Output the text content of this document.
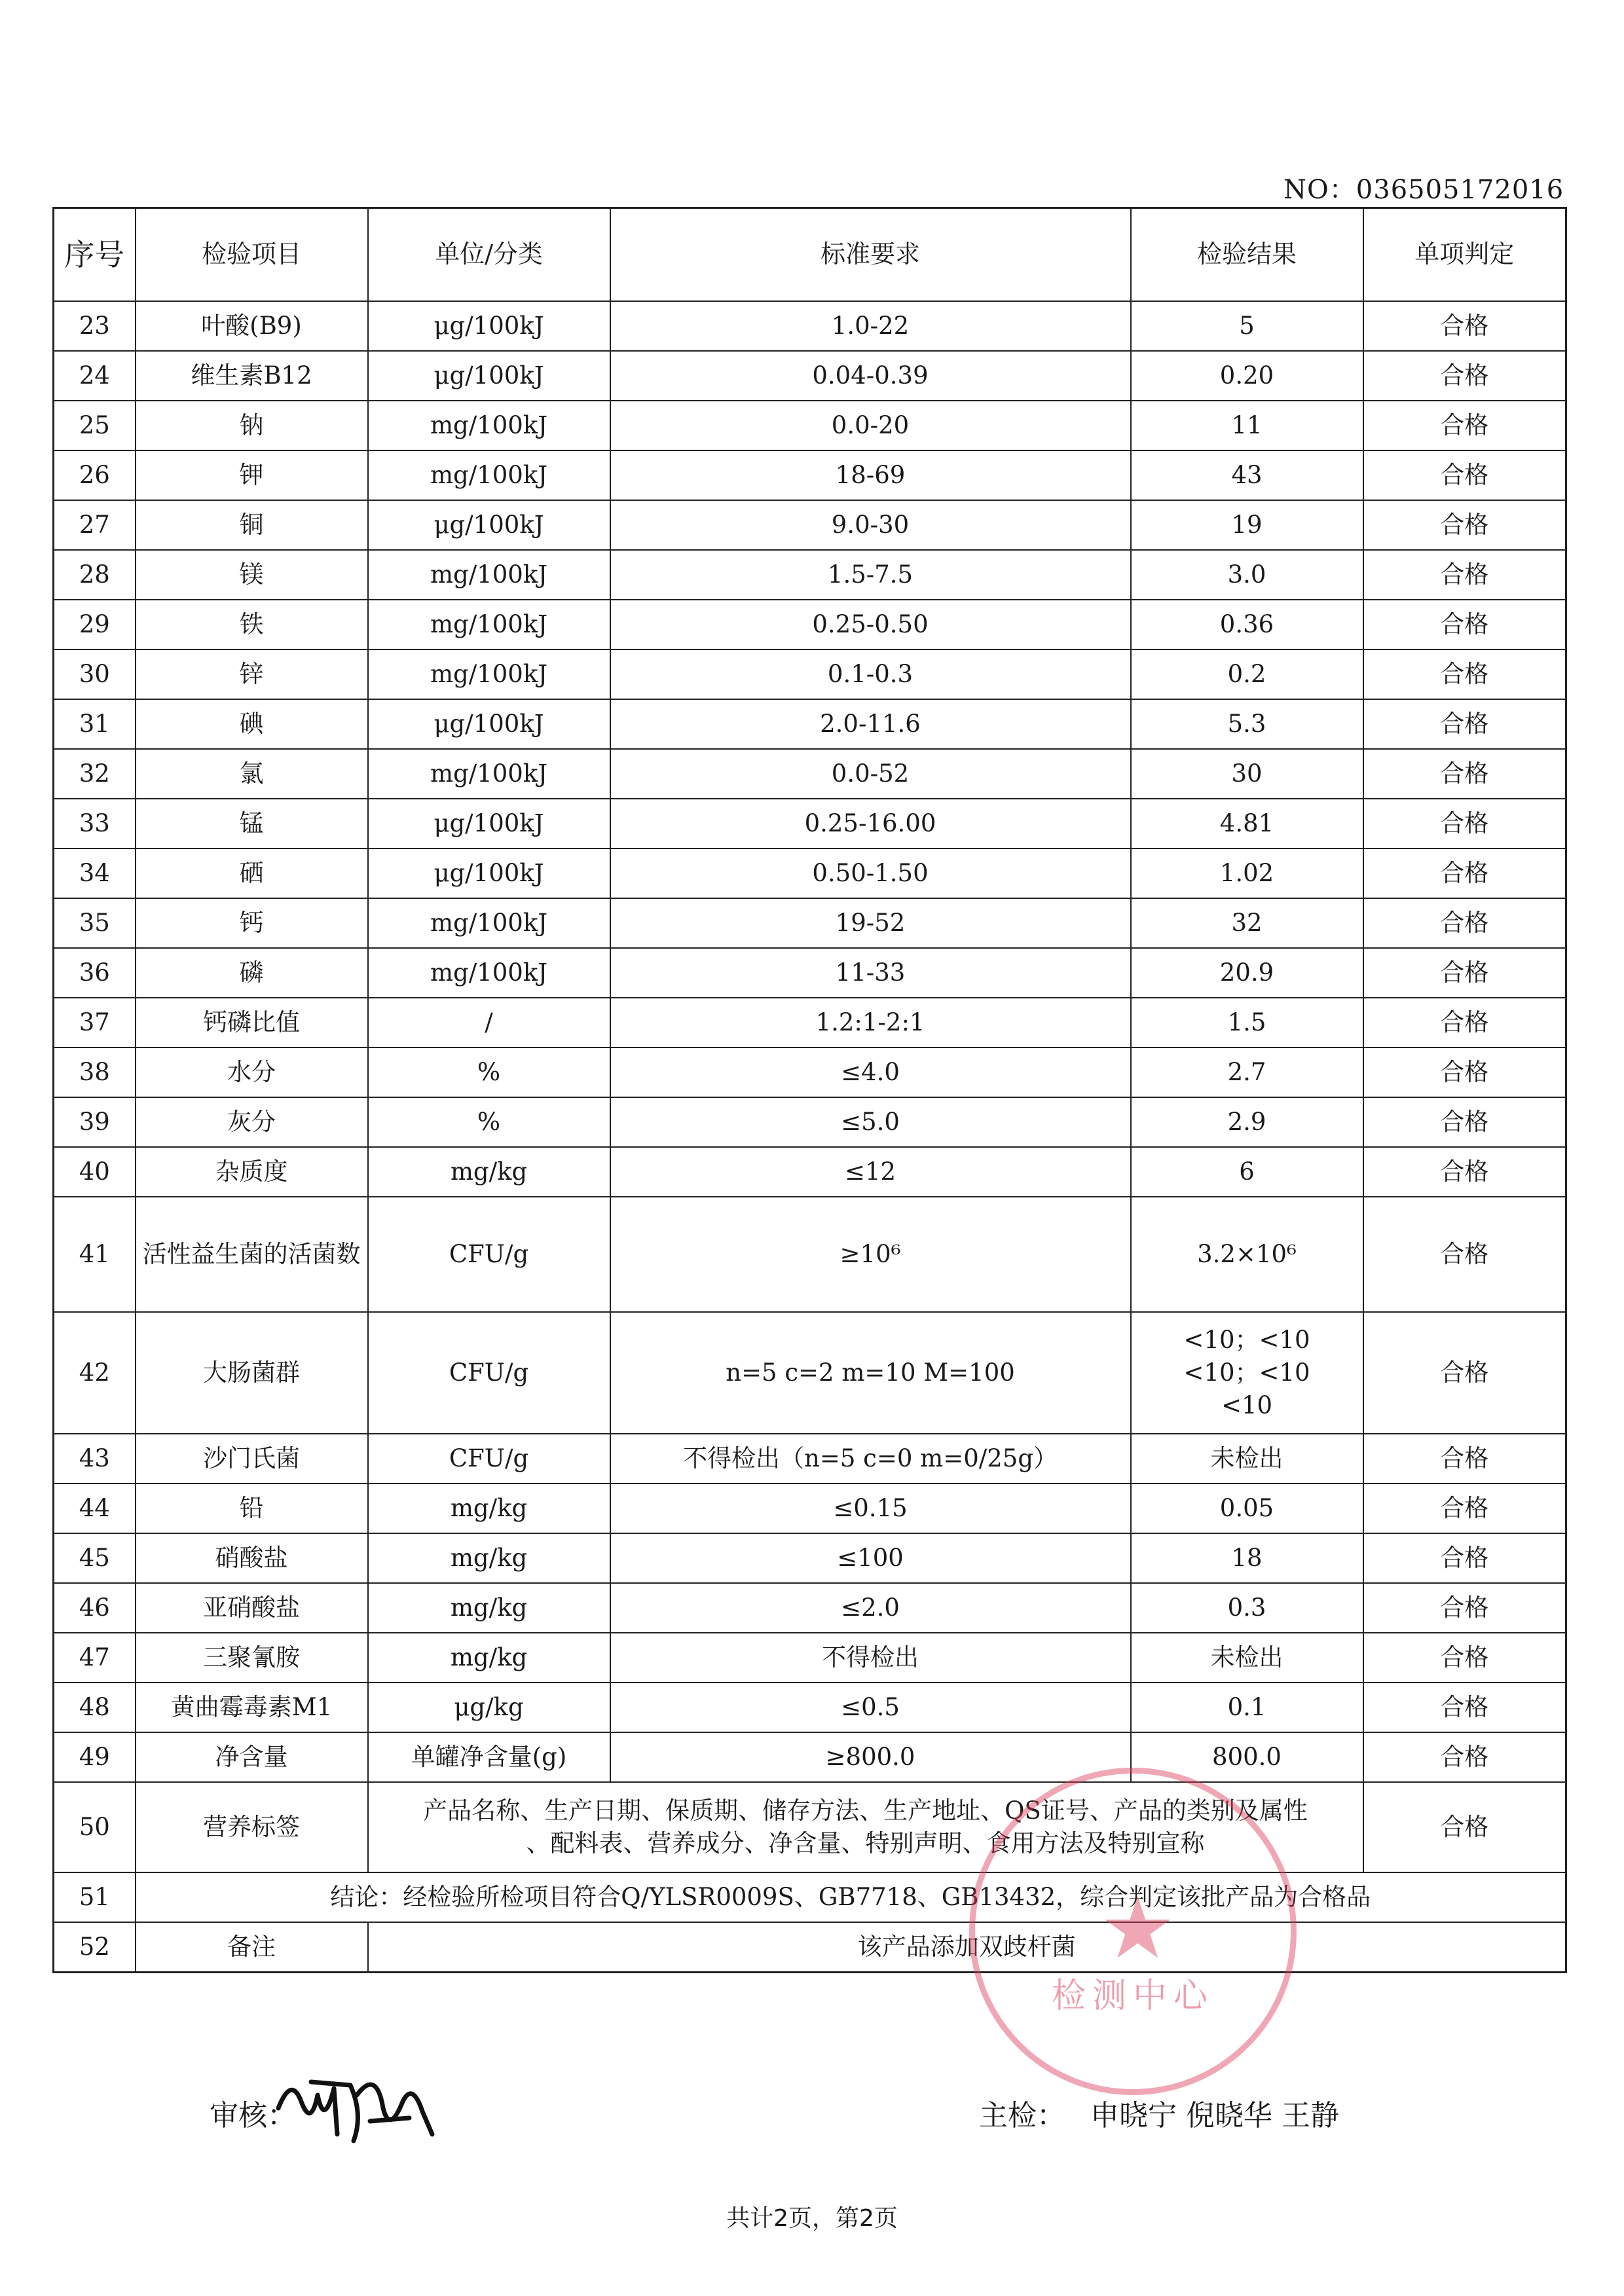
NO：036505172016
序号	检验项目	单位/分类	标准要求	检验结果	单项判定
23	叶酸(B9)	μg/100kJ	1.0-22	5	合格
24	维生素B12	μg/100kJ	0.04-0.39	0.20	合格
25	钠	mg/100kJ	0.0-20	11	合格
26	钾	mg/100kJ	18-69	43	合格
27	铜	μg/100kJ	9.0-30	19	合格
28	镁	mg/100kJ	1.5-7.5	3.0	合格
29	铁	mg/100kJ	0.25-0.50	0.36	合格
30	锌	mg/100kJ	0.1-0.3	0.2	合格
31	碘	μg/100kJ	2.0-11.6	5.3	合格
32	氯	mg/100kJ	0.0-52	30	合格
33	锰	μg/100kJ	0.25-16.00	4.81	合格
34	硒	μg/100kJ	0.50-1.50	1.02	合格
35	钙	mg/100kJ	19-52	32	合格
36	磷	mg/100kJ	11-33	20.9	合格
37	钙磷比值	/	1.2:1-2:1	1.5	合格
38	水分	%	≤4.0	2.7	合格
39	灰分	%	≤5.0	2.9	合格
40	杂质度	mg/kg	≤12	6	合格
41	活性益生菌的活菌数	CFU/g	≥10⁶	3.2×10⁶	合格
42	大肠菌群	CFU/g	n=5 c=2 m=10 M=100	<10；<10
<10；<10
<10	合格
43	沙门氏菌	CFU/g	不得检出（n=5 c=0 m=0/25g）	未检出	合格
44	铅	mg/kg	≤0.15	0.05	合格
45	硝酸盐	mg/kg	≤100	18	合格
46	亚硝酸盐	mg/kg	≤2.0	0.3	合格
47	三聚氰胺	mg/kg	不得检出	未检出	合格
48	黄曲霉毒素M1	μg/kg	≤0.5	0.1	合格
49	净含量	单罐净含量(g)	≥800.0	800.0	合格
50	营养标签	产品名称、生产日期、保质期、储存方法、生产地址、QS证号、产品的类别及属性
、配料表、营养成分、净含量、特别声明、食用方法及特别宣称			合格
51	结论：经检验所检项目符合Q/YLSR0009S、GB7718、GB13432，综合判定该批产品为合格品				
52	备注	该产品添加双歧杆菌			★
检测中心
审核：	主检： 申晓宁 倪晓华 王静
共计2页，第2页
